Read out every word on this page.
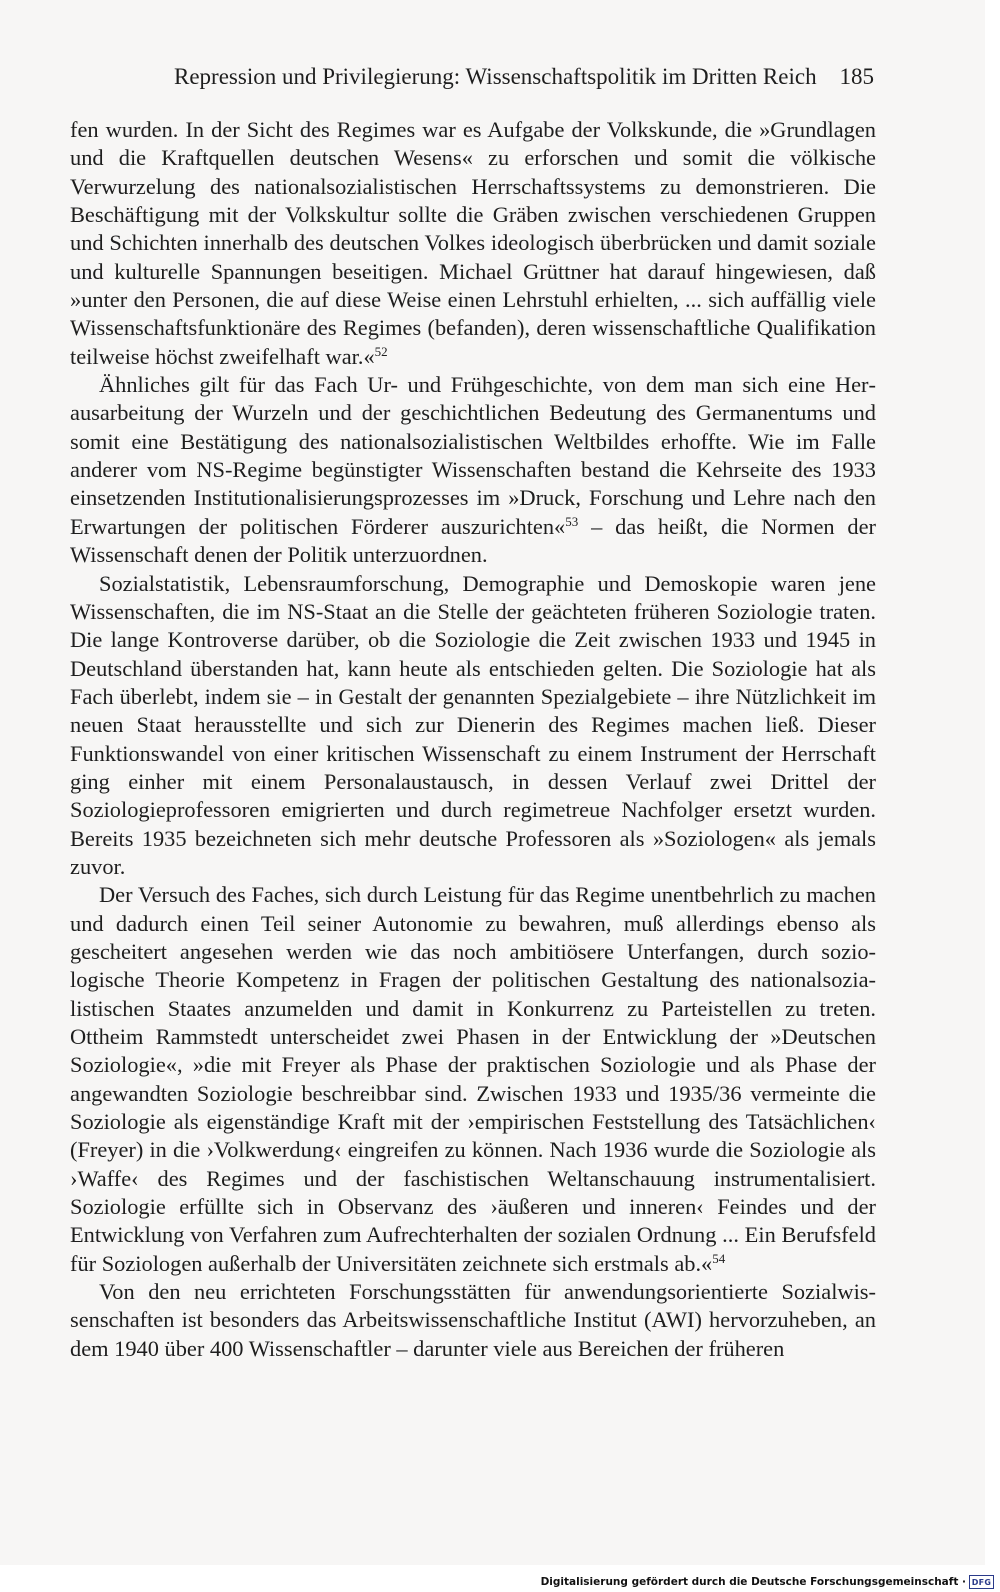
Repression und Privilegierung: Wissenschaftspolitik im Dritten Reich 185

fen wurden. In der Sicht des Regimes war es Aufgabe der Volkskunde, die »Grundlagen und die Kraftquellen deutschen Wesens« zu erforschen und somit die völkische Verwurzelung des nationalsozialistischen Herrschaftssystems zu demonstrieren. Die Beschäftigung mit der Volkskultur sollte die Gräben zwischen verschiedenen Gruppen und Schichten innerhalb des deutschen Volkes ideologisch überbrücken und damit soziale und kulturelle Spannungen beseitigen. Michael Grüttner hat darauf hingewiesen, daß »unter den Personen, die auf diese Weise einen Lehrstuhl erhielten, ... sich auffällig viele Wissenschaftsfunktionäre des Regimes (befanden), deren wissenschaftliche Qualifikation teilweise höchst zweifelhaft war.«$^{52}$

Ähnliches gilt für das Fach Ur- und Frühgeschichte, von dem man sich eine Herausarbeitung der Wurzeln und der geschichtlichen Bedeutung des Germanentums und somit eine Bestätigung des nationalsozialistischen Weltbildes erhoffte. Wie im Falle anderer vom NS-Regime begünstigter Wissenschaften bestand die Kehrseite des 1933 einsetzenden Institutionalisierungsprozesses im »Druck, Forschung und Lehre nach den Erwartungen der politischen Förderer auszurichten«$^{53}$ – das heißt, die Normen der Wissenschaft denen der Politik unterzuordnen.

Sozialstatistik, Lebensraumforschung, Demographie und Demoskopie waren jene Wissenschaften, die im NS-Staat an die Stelle der geächteten früheren Soziologie traten. Die lange Kontroverse darüber, ob die Soziologie die Zeit zwischen 1933 und 1945 in Deutschland überstanden hat, kann heute als entschieden gelten. Die Soziologie hat als Fach überlebt, indem sie – in Gestalt der genannten Spezialgebiete – ihre Nützlichkeit im neuen Staat herausstellte und sich zur Dienerin des Regimes machen ließ. Dieser Funktionswandel von einer kritischen Wissenschaft zu einem Instrument der Herrschaft ging einher mit einem Personalaustausch, in dessen Verlauf zwei Drittel der Soziologieprofessoren emigrierten und durch regimetreue Nachfolger ersetzt wurden. Bereits 1935 bezeichneten sich mehr deutsche Professoren als »Soziologen« als jemals zuvor.

Der Versuch des Faches, sich durch Leistung für das Regime unentbehrlich zu machen und dadurch einen Teil seiner Autonomie zu bewahren, muß allerdings ebenso als gescheitert angesehen werden wie das noch ambitiösere Unterfangen, durch soziologische Theorie Kompetenz in Fragen der politischen Gestaltung des nationalsozialistischen Staates anzumelden und damit in Konkurrenz zu Parteistellen zu treten. Ottheim Rammstedt unterscheidet zwei Phasen in der Entwicklung der »Deutschen Soziologie«, »die mit Freyer als Phase der praktischen Soziologie und als Phase der angewandten Soziologie beschreibbar sind. Zwischen 1933 und 1935/36 vermeinte die Soziologie als eigenständige Kraft mit der ›empirischen Feststellung des Tatsächlichen‹ (Freyer) in die ›Volkwerdung‹ eingreifen zu können. Nach 1936 wurde die Soziologie als ›Waffe‹ des Regimes und der faschistischen Weltanschauung instrumentalisiert. Soziologie erfüllte sich in Observanz des ›äußeren und inneren‹ Feindes und der Entwicklung von Verfahren zum Aufrechterhalten der sozialen Ordnung ... Ein Berufsfeld für Soziologen außerhalb der Universitäten zeichnete sich erstmals ab.«$^{54}$

Von den neu errichteten Forschungsstätten für anwendungsorientierte Sozialwissenschaften ist besonders das Arbeitswissenschaftliche Institut (AWI) hervorzuheben, an dem 1940 über 400 Wissenschaftler – darunter viele aus Bereichen der früheren

Digitalisierung gefördert durch die Deutsche Forschungsgemeinschaft · DFG
